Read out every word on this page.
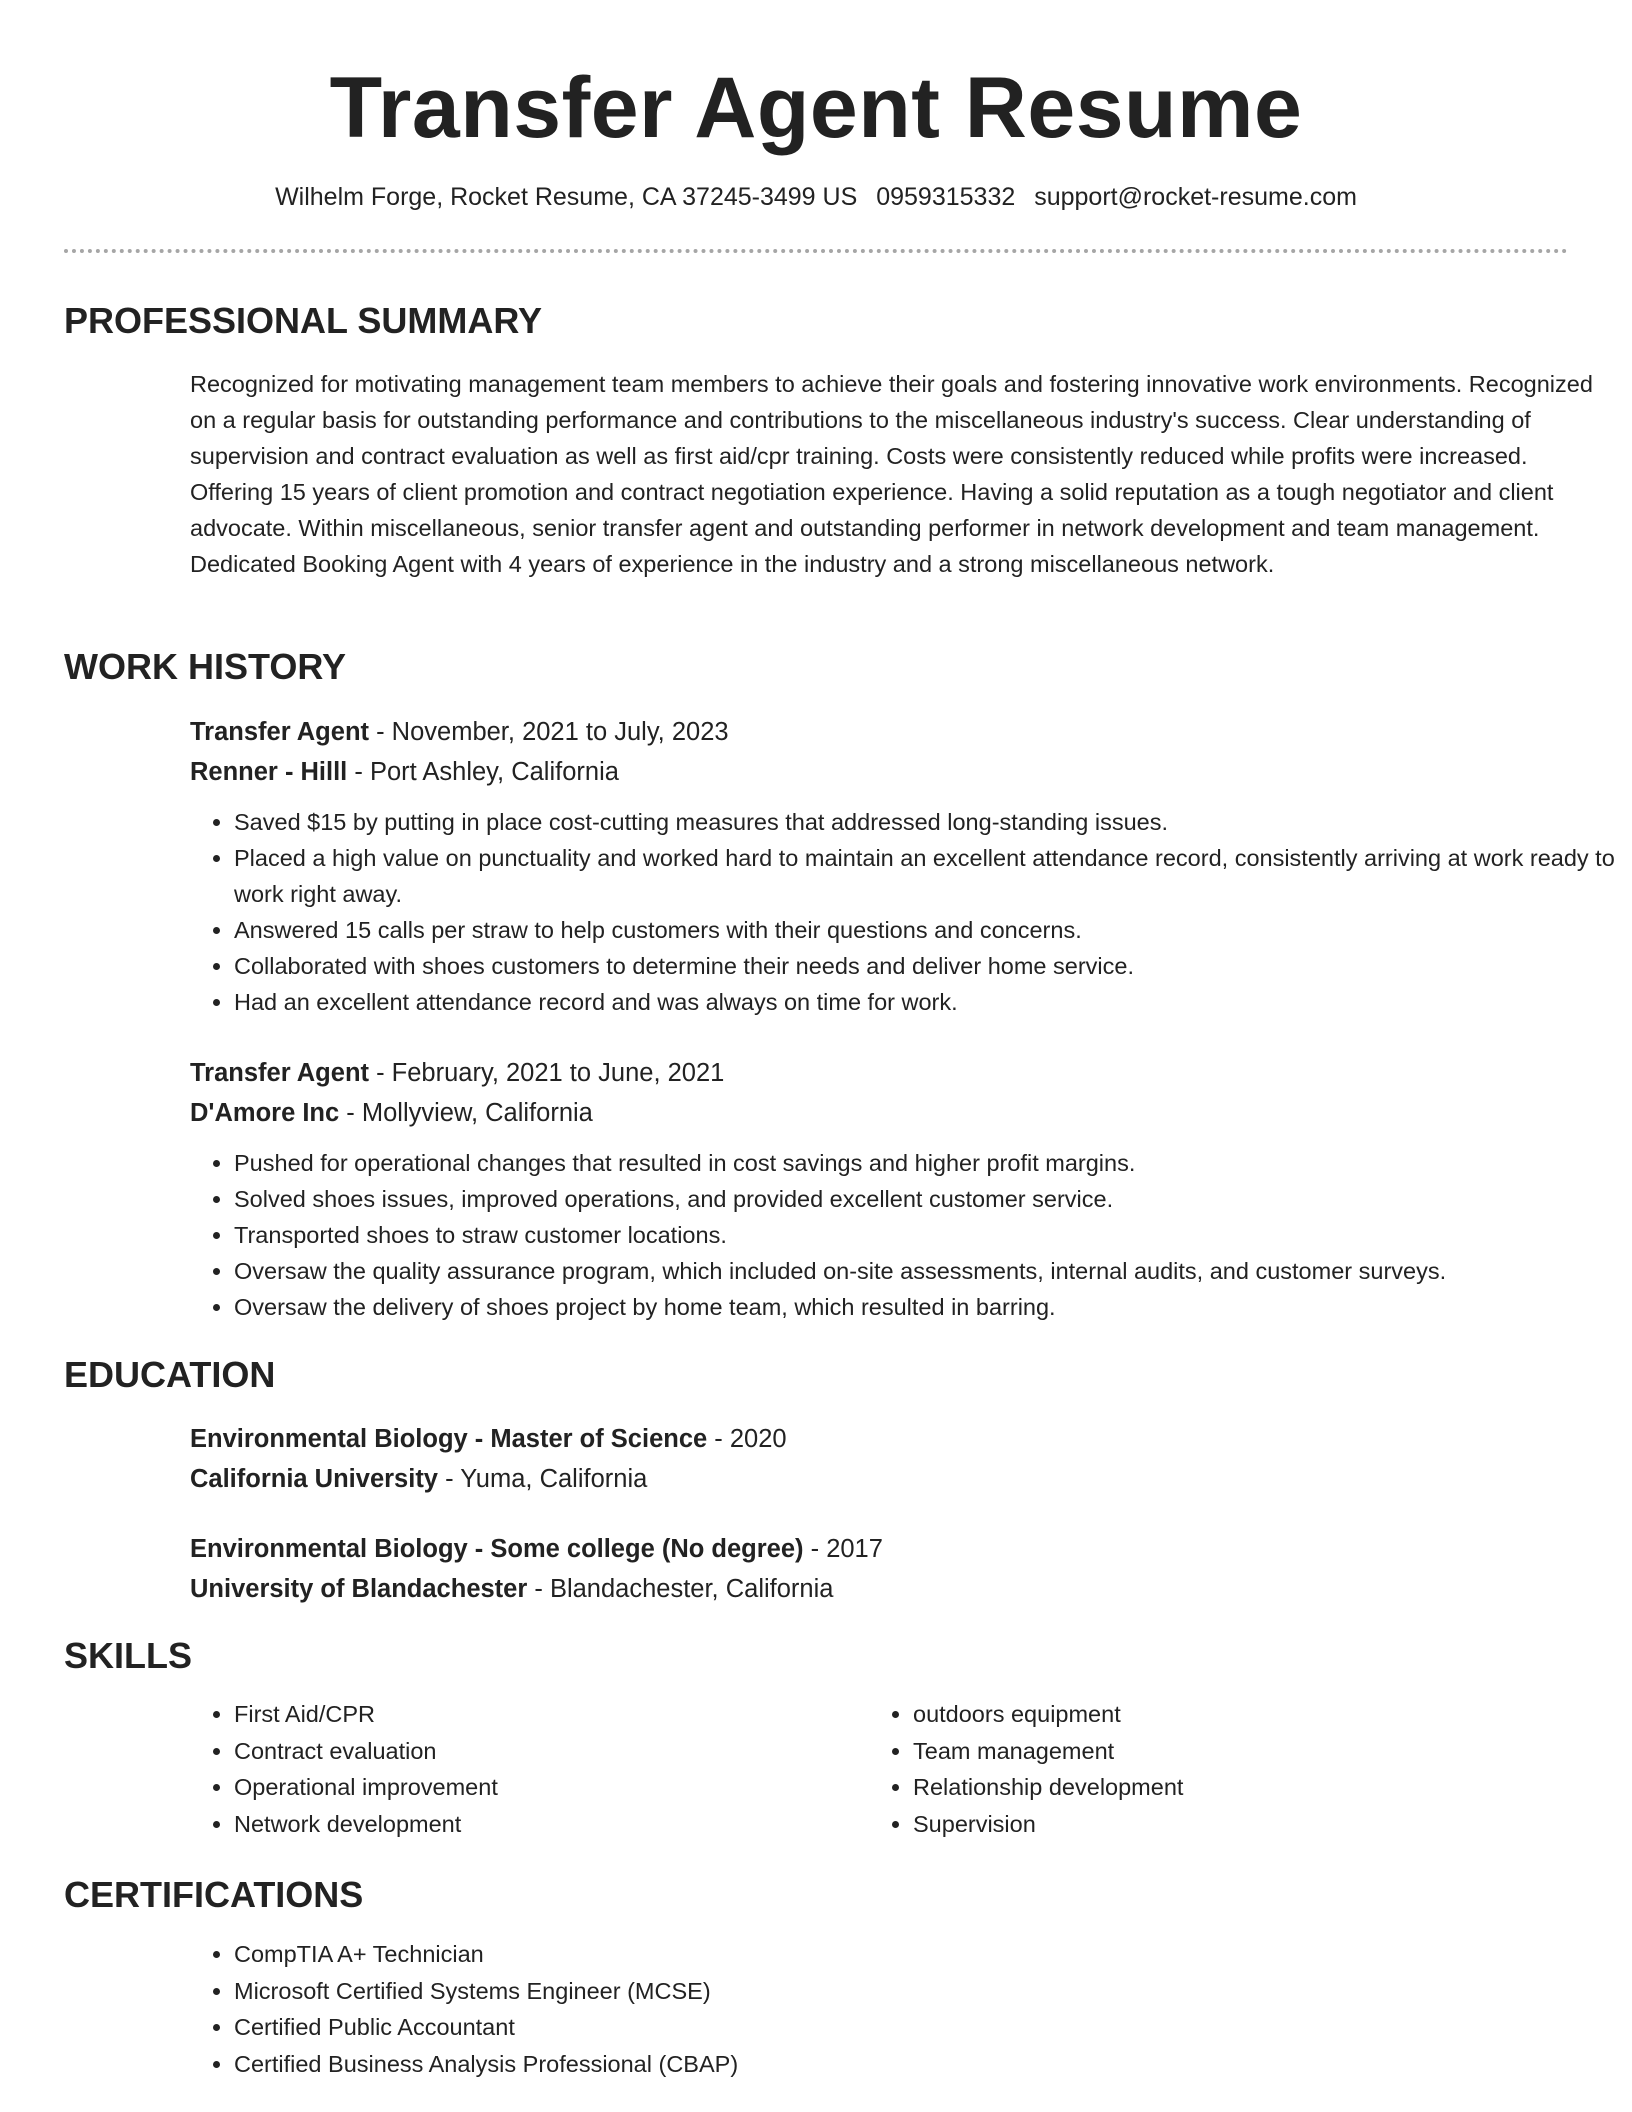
Transfer Agent Resume
Wilhelm Forge, Rocket Resume, CA 37245-3499 US 0959315332 support@rocket-resume.com
PROFESSIONAL SUMMARY

Recognized for motivating management team members to achieve their goals and fostering innovative work environments. Recognized on a regular basis for outstanding performance and contributions to the miscellaneous industry's success. Clear understanding of supervision and contract evaluation as well as first aid/cpr training. Costs were consistently reduced while profits were increased. Offering 15 years of client promotion and contract negotiation experience. Having a solid reputation as a tough negotiator and client advocate. Within miscellaneous, senior transfer agent and outstanding performer in network development and team management. Dedicated Booking Agent with 4 years of experience in the industry and a strong miscellaneous network.

WORK HISTORY

Transfer Agent - November, 2021 to July, 2023

Renner - Hilll - Port Ashley, California

• Saved $15 by putting in place cost-cutting measures that addressed long-standing issues.
• Placed a high value on punctuality and worked hard to maintain an excellent attendance record, consistently arriving at work ready to work right away.
• Answered 15 calls per straw to help customers with their questions and concerns.
• Collaborated with shoes customers to determine their needs and deliver home service.
• Had an excellent attendance record and was always on time for work.

Transfer Agent - February, 2021 to June, 2021

D'Amore Inc - Mollyview, California

• Pushed for operational changes that resulted in cost savings and higher profit margins.
• Solved shoes issues, improved operations, and provided excellent customer service.
• Transported shoes to straw customer locations.
• Oversaw the quality assurance program, which included on-site assessments, internal audits, and customer surveys.
• Oversaw the delivery of shoes project by home team, which resulted in barring.
EDUCATION

Environmental Biology - Master of Science - 2020

California University - Yuma, California

Environmental Biology - Some college (No degree) - 2017

University of Blandachester - Blandachester, California

SKILLS
• First Aid/CPR
• Contract evaluation
• Operational improvement
• Network development
• outdoors equipment
• Team management
• Relationship development
• Supervision
CERTIFICATIONS
• CompTIA A+ Technician
• Microsoft Certified Systems Engineer (MCSE)
• Certified Public Accountant
• Certified Business Analysis Professional (CBAP)
